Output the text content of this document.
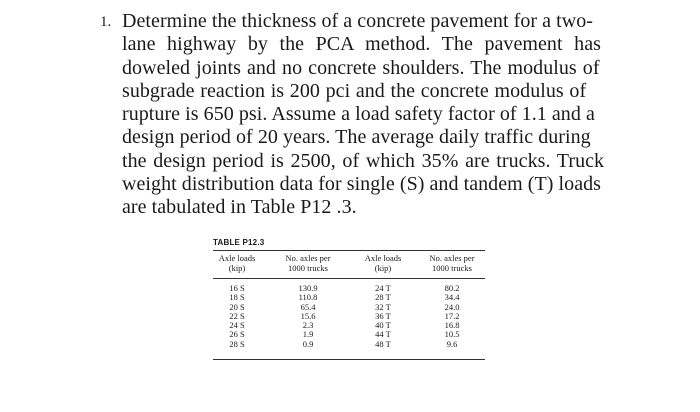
1. Determine the thickness of a concrete pavement for a two-
lane highway by the PCA method. The pavement has
doweled joints and no concrete shoulders. The modulus of
subgrade reaction is 200 pci and the concrete modulus of
rupture is 650 psi. Assume a load safety factor of 1.1 and a
design period of 20 years. The average daily traffic during
the design period is 2500, of which 35% are trucks. Truck
weight distribution data for single (S) and tandem (T) loads
are tabulated in Table P12 .3.
TABLE P12.3
Axle loads
(kip)
No. axles per
1000 trucks
Axle loads
(kip)
No. axles per
1000 trucks
16 S
18 S
20 S
22 S
24 S
26 S
28 S
130.9
110.8
65.4
15.6
2.3
1.9
0.9
24 T
28 T
32 T
36 T
40 T
44 T
48 T
80.2
34.4
24.0
17.2
16.8
10.5
9.6
